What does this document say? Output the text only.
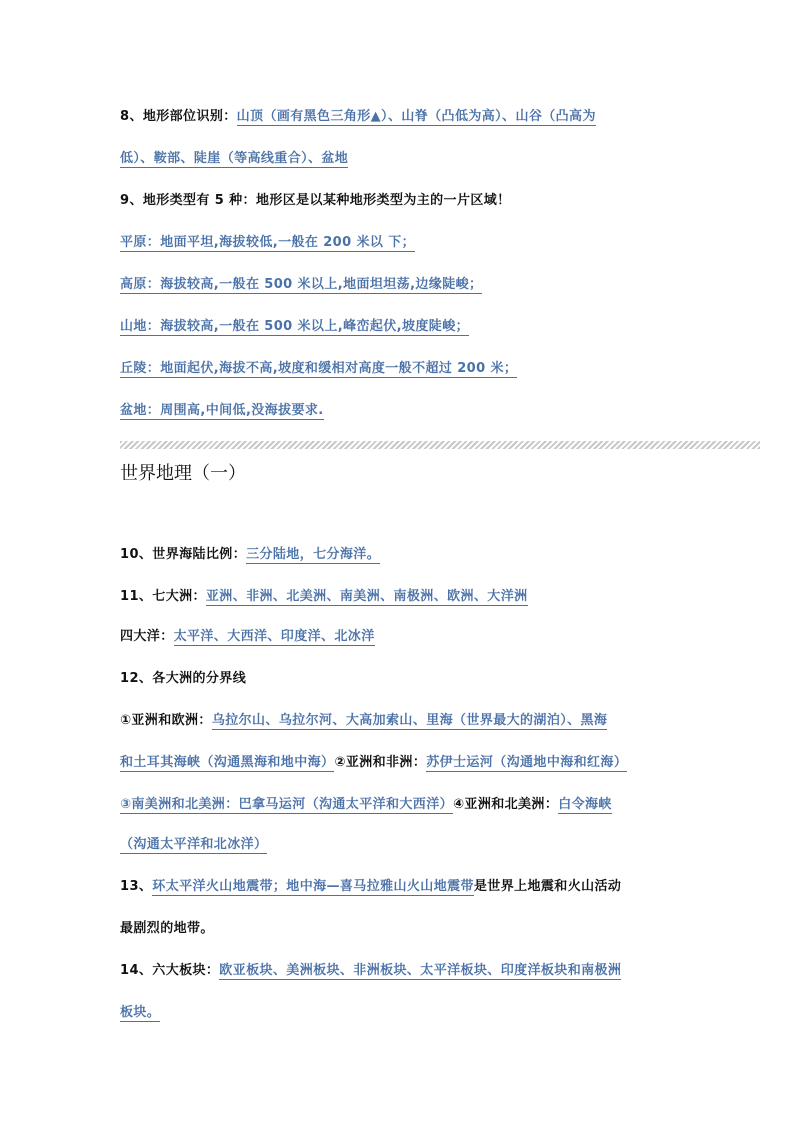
8、地形部位识别：山顶（画有黑色三角形▲）、山脊（凸低为高）、山谷（凸高为
低）、鞍部、陡崖（等高线重合）、盆地
9、地形类型有 5 种：地形区是以某种地形类型为主的一片区域！
平原：地面平坦,海拔较低,一般在 200 米以 下；
高原：海拔较高,一般在 500 米以上,地面坦坦荡,边缘陡峻；
山地：海拔较高,一般在 500 米以上,峰峦起伏,坡度陡峻；
丘陵：地面起伏,海拔不高,坡度和缓相对高度一般不超过 200 米；
盆地：周围高,中间低,没海拔要求.
10、世界海陆比例：三分陆地，七分海洋。
11、七大洲：亚洲、非洲、北美洲、南美洲、南极洲、欧洲、大洋洲
四大洋：太平洋、大西洋、印度洋、北冰洋
12、各大洲的分界线
①亚洲和欧洲：乌拉尔山、乌拉尔河、大高加索山、里海（世界最大的湖泊）、黑海
和土耳其海峡（沟通黑海和地中海）②亚洲和非洲：苏伊士运河（沟通地中海和红海）
③南美洲和北美洲：巴拿马运河（沟通太平洋和大西洋）④亚洲和北美洲：白令海峡
（沟通太平洋和北冰洋）
13、环太平洋火山地震带；地中海—喜马拉雅山火山地震带是世界上地震和火山活动
最剧烈的地带。
14、六大板块：欧亚板块、美洲板块、非洲板块、太平洋板块、印度洋板块和南极洲
板块。
世界地理（一）
